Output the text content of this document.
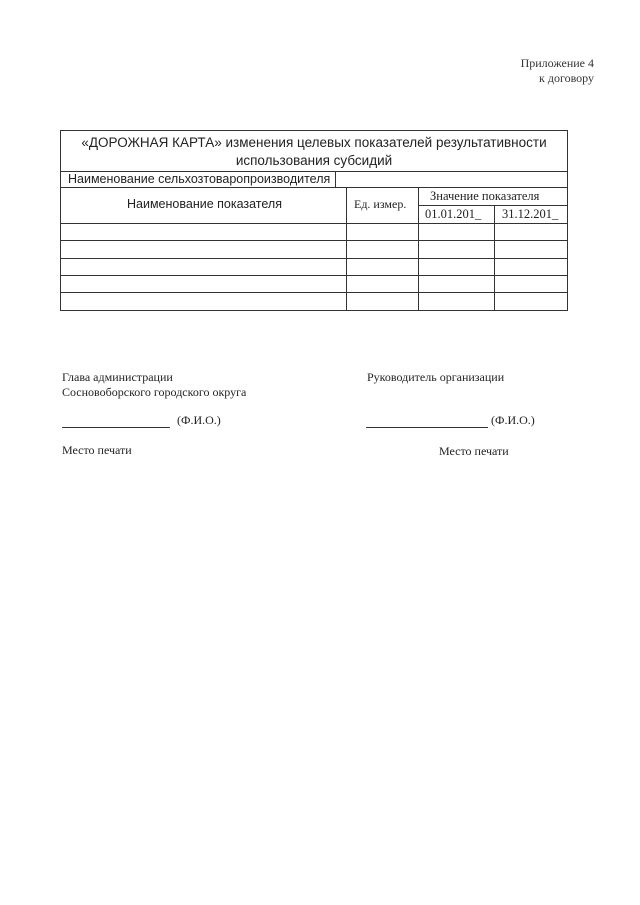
Приложение 4
к договору
«ДОРОЖНАЯ КАРТА» изменения целевых показателей результативности
использования субсидий
Наименование сельхозтоваропроизводителя
Наименование показателя	Ед. измер.
Значение показателя
01.01.201_ 31.12.201_
Глава администрации
Сосновоборского городского округа
(Ф.И.О.)
Место печати
Руководитель организации
(Ф.И.О.)
Место печати
